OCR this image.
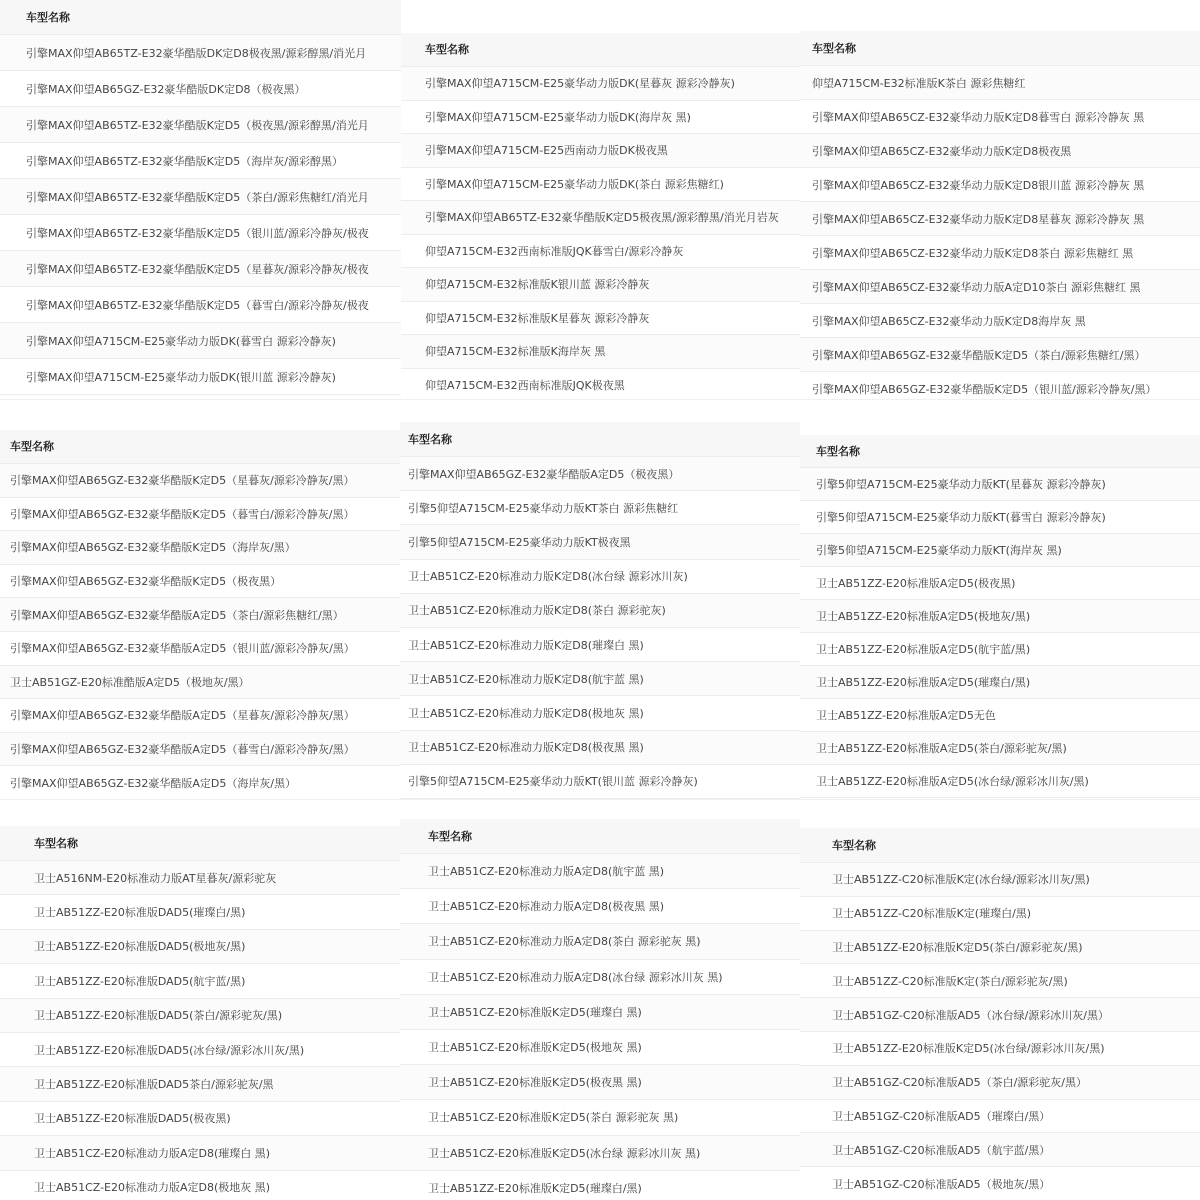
车型名称
引擎MAX仰望AB65TZ-E32豪华酷版DK定D8极夜黑/源彩醇黑/消光月
引擎MAX仰望AB65GZ-E32豪华酷版DK定D8（极夜黑）
引擎MAX仰望AB65TZ-E32豪华酷版K定D5（极夜黑/源彩醇黑/消光月
引擎MAX仰望AB65TZ-E32豪华酷版K定D5（海岸灰/源彩醇黑）
引擎MAX仰望AB65TZ-E32豪华酷版K定D5（茶白/源彩焦糖红/消光月
引擎MAX仰望AB65TZ-E32豪华酷版K定D5（银川蓝/源彩冷静灰/极夜
引擎MAX仰望AB65TZ-E32豪华酷版K定D5（星暮灰/源彩冷静灰/极夜
引擎MAX仰望AB65TZ-E32豪华酷版K定D5（暮雪白/源彩冷静灰/极夜
引擎MAX仰望A715CM-E25豪华动力版DK(暮雪白 源彩冷静灰)
引擎MAX仰望A715CM-E25豪华动力版DK(银川蓝 源彩冷静灰)
车型名称
引擎MAX仰望A715CM-E25豪华动力版DK(星暮灰 源彩冷静灰)
引擎MAX仰望A715CM-E25豪华动力版DK(海岸灰 黑)
引擎MAX仰望A715CM-E25西南动力版DK极夜黑
引擎MAX仰望A715CM-E25豪华动力版DK(茶白 源彩焦糖红)
引擎MAX仰望AB65TZ-E32豪华酷版K定D5极夜黑/源彩醇黑/消光月岩灰
仰望A715CM-E32西南标准版JQK暮雪白/源彩冷静灰
仰望A715CM-E32标准版K银川蓝 源彩冷静灰
仰望A715CM-E32标准版K星暮灰 源彩冷静灰
仰望A715CM-E32标准版K海岸灰 黑
仰望A715CM-E32西南标准版JQK极夜黑
车型名称
仰望A715CM-E32标准版K茶白 源彩焦糖红
引擎MAX仰望AB65CZ-E32豪华动力版K定D8暮雪白 源彩冷静灰 黑
引擎MAX仰望AB65CZ-E32豪华动力版K定D8极夜黑
引擎MAX仰望AB65CZ-E32豪华动力版K定D8银川蓝 源彩冷静灰 黑
引擎MAX仰望AB65CZ-E32豪华动力版K定D8星暮灰 源彩冷静灰 黑
引擎MAX仰望AB65CZ-E32豪华动力版K定D8茶白 源彩焦糖红 黑
引擎MAX仰望AB65CZ-E32豪华动力版A定D10茶白 源彩焦糖红 黑
引擎MAX仰望AB65CZ-E32豪华动力版K定D8海岸灰 黑
引擎MAX仰望AB65GZ-E32豪华酷版K定D5（茶白/源彩焦糖红/黑）
引擎MAX仰望AB65GZ-E32豪华酷版K定D5（银川蓝/源彩冷静灰/黑）
车型名称
引擎MAX仰望AB65GZ-E32豪华酷版K定D5（星暮灰/源彩冷静灰/黑）
引擎MAX仰望AB65GZ-E32豪华酷版K定D5（暮雪白/源彩冷静灰/黑）
引擎MAX仰望AB65GZ-E32豪华酷版K定D5（海岸灰/黑）
引擎MAX仰望AB65GZ-E32豪华酷版K定D5（极夜黑）
引擎MAX仰望AB65GZ-E32豪华酷版A定D5（茶白/源彩焦糖红/黑）
引擎MAX仰望AB65GZ-E32豪华酷版A定D5（银川蓝/源彩冷静灰/黑）
卫士AB51GZ-E20标准酷版A定D5（极地灰/黑）
引擎MAX仰望AB65GZ-E32豪华酷版A定D5（星暮灰/源彩冷静灰/黑）
引擎MAX仰望AB65GZ-E32豪华酷版A定D5（暮雪白/源彩冷静灰/黑）
引擎MAX仰望AB65GZ-E32豪华酷版A定D5（海岸灰/黑）
车型名称
引擎MAX仰望AB65GZ-E32豪华酷版A定D5（极夜黑）
引擎5仰望A715CM-E25豪华动力版KT茶白 源彩焦糖红
引擎5仰望A715CM-E25豪华动力版KT极夜黑
卫士AB51CZ-E20标准动力版K定D8(冰台绿 源彩冰川灰)
卫士AB51CZ-E20标准动力版K定D8(茶白 源彩驼灰)
卫士AB51CZ-E20标准动力版K定D8(璀璨白 黑)
卫士AB51CZ-E20标准动力版K定D8(航宇蓝 黑)
卫士AB51CZ-E20标准动力版K定D8(极地灰 黑)
卫士AB51CZ-E20标准动力版K定D8(极夜黑 黑)
引擎5仰望A715CM-E25豪华动力版KT(银川蓝 源彩冷静灰)
车型名称
引擎5仰望A715CM-E25豪华动力版KT(星暮灰 源彩冷静灰)
引擎5仰望A715CM-E25豪华动力版KT(暮雪白 源彩冷静灰)
引擎5仰望A715CM-E25豪华动力版KT(海岸灰 黑)
卫士AB51ZZ-E20标准版A定D5(极夜黑)
卫士AB51ZZ-E20标准版A定D5(极地灰/黑)
卫士AB51ZZ-E20标准版A定D5(航宇蓝/黑)
卫士AB51ZZ-E20标准版A定D5(璀璨白/黑)
卫士AB51ZZ-E20标准版A定D5无色
卫士AB51ZZ-E20标准版A定D5(茶白/源彩驼灰/黑)
卫士AB51ZZ-E20标准版A定D5(冰台绿/源彩冰川灰/黑)
车型名称
卫士A516NM-E20标准动力版AT星暮灰/源彩驼灰
卫士AB51ZZ-E20标准版DAD5(璀璨白/黑)
卫士AB51ZZ-E20标准版DAD5(极地灰/黑)
卫士AB51ZZ-E20标准版DAD5(航宇蓝/黑)
卫士AB51ZZ-E20标准版DAD5(茶白/源彩驼灰/黑)
卫士AB51ZZ-E20标准版DAD5(冰台绿/源彩冰川灰/黑)
卫士AB51ZZ-E20标准版DAD5茶白/源彩驼灰/黑
卫士AB51ZZ-E20标准版DAD5(极夜黑)
卫士AB51CZ-E20标准动力版A定D8(璀璨白 黑)
卫士AB51CZ-E20标准动力版A定D8(极地灰 黑)
车型名称
卫士AB51CZ-E20标准动力版A定D8(航宇蓝 黑)
卫士AB51CZ-E20标准动力版A定D8(极夜黑 黑)
卫士AB51CZ-E20标准动力版A定D8(茶白 源彩驼灰 黑)
卫士AB51CZ-E20标准动力版A定D8(冰台绿 源彩冰川灰 黑)
卫士AB51CZ-E20标准版K定D5(璀璨白 黑)
卫士AB51CZ-E20标准版K定D5(极地灰 黑)
卫士AB51CZ-E20标准版K定D5(极夜黑 黑)
卫士AB51CZ-E20标准版K定D5(茶白 源彩驼灰 黑)
卫士AB51CZ-E20标准版K定D5(冰台绿 源彩冰川灰 黑)
卫士AB51ZZ-E20标准版K定D5(璀璨白/黑)
车型名称
卫士AB51ZZ-C20标准版K定(冰台绿/源彩冰川灰/黑)
卫士AB51ZZ-C20标准版K定(璀璨白/黑)
卫士AB51ZZ-E20标准版K定D5(茶白/源彩驼灰/黑)
卫士AB51ZZ-C20标准版K定(茶白/源彩驼灰/黑)
卫士AB51GZ-C20标准版AD5（冰台绿/源彩冰川灰/黑）
卫士AB51ZZ-E20标准版K定D5(冰台绿/源彩冰川灰/黑)
卫士AB51GZ-C20标准版AD5（茶白/源彩驼灰/黑）
卫士AB51GZ-C20标准版AD5（璀璨白/黑）
卫士AB51GZ-C20标准版AD5（航宇蓝/黑）
卫士AB51GZ-C20标准版AD5（极地灰/黑）
